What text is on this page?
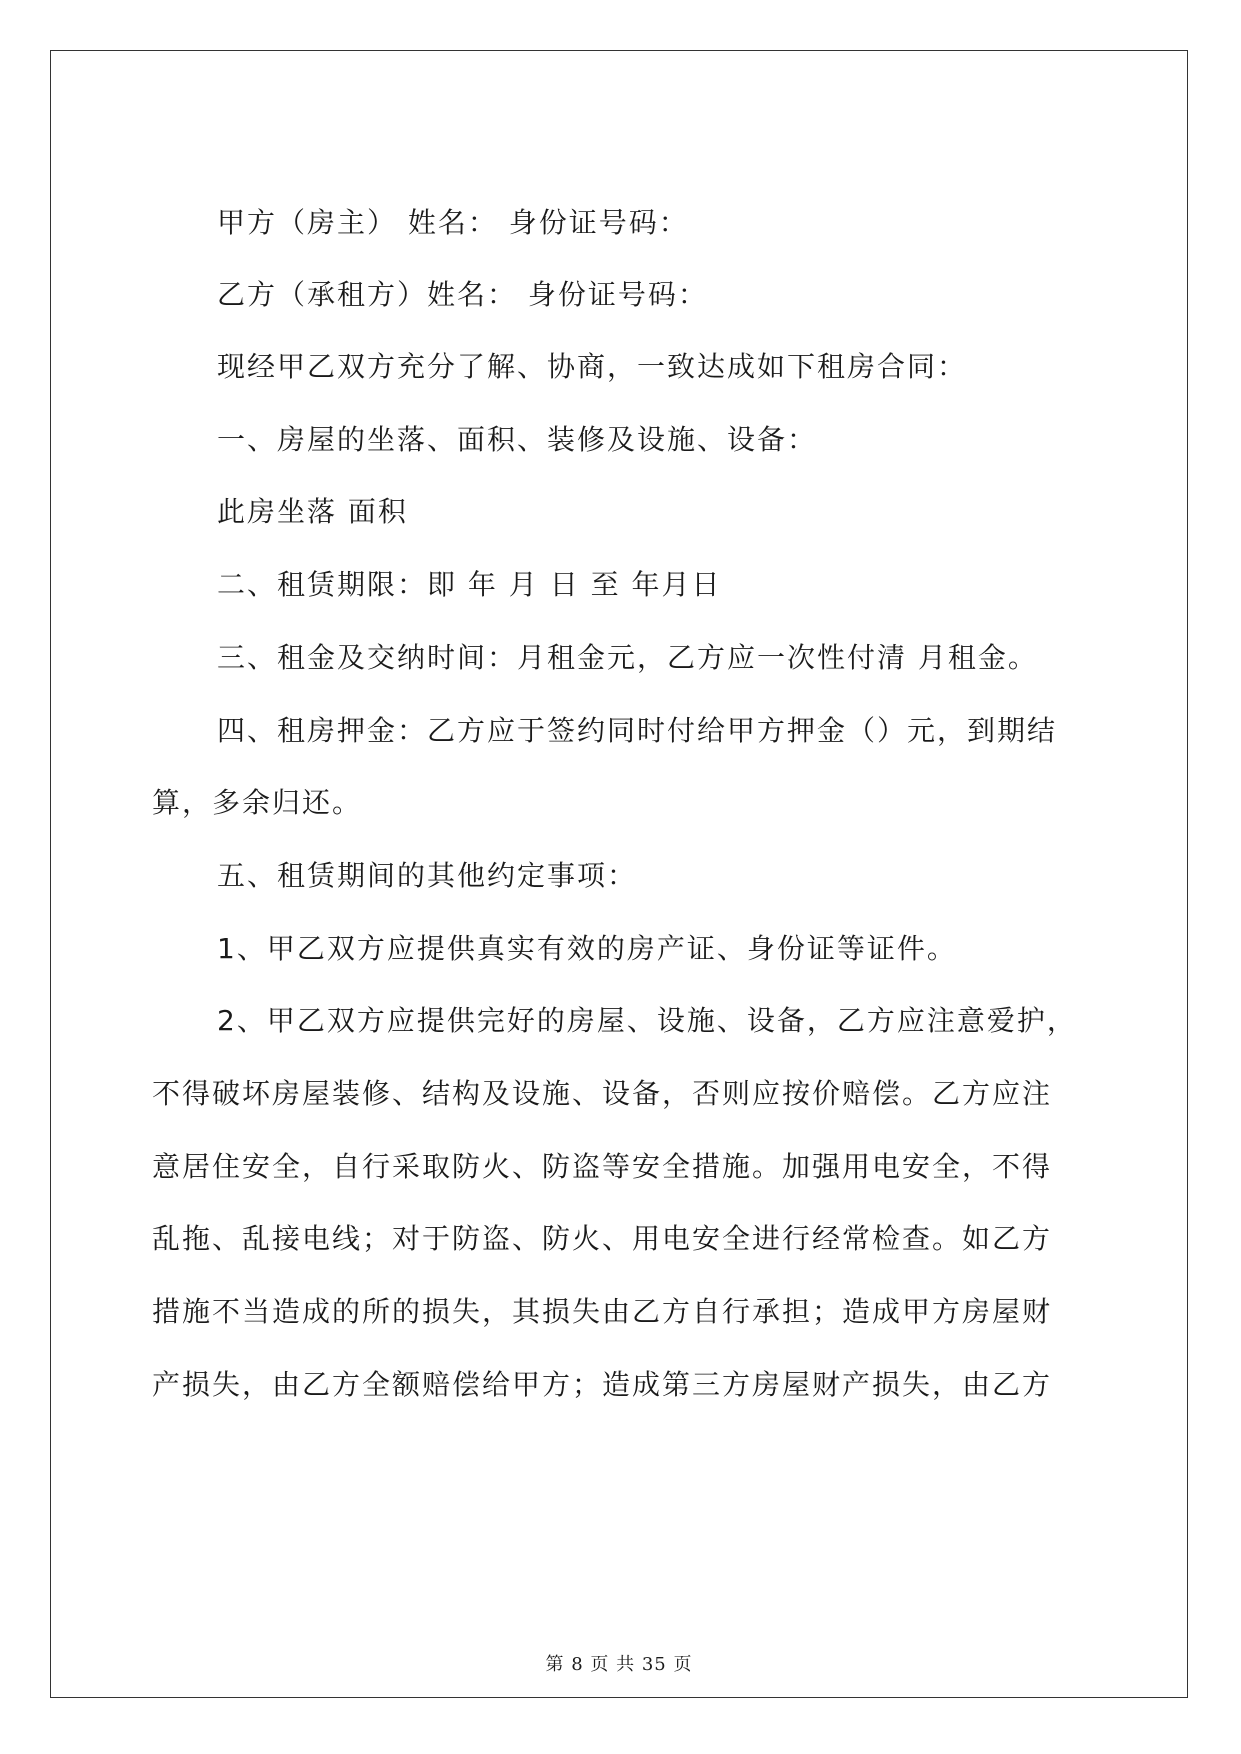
甲方（房主） 姓名： 身份证号码：
乙方（承租方）姓名： 身份证号码：
现经甲乙双方充分了解、协商，一致达成如下租房合同：
一、房屋的坐落、面积、装修及设施、设备：
此房坐落 面积
二、租赁期限：即 年 月 日 至 年月日
三、租金及交纳时间：月租金元，乙方应一次性付清 月租金。
四、租房押金：乙方应于签约同时付给甲方押金（）元，到期结
算，多余归还。
五、租赁期间的其他约定事项：
1、甲乙双方应提供真实有效的房产证、身份证等证件。
2、甲乙双方应提供完好的房屋、设施、设备，乙方应注意爱护，
不得破坏房屋装修、结构及设施、设备，否则应按价赔偿。乙方应注
意居住安全，自行采取防火、防盗等安全措施。加强用电安全，不得
乱拖、乱接电线；对于防盗、防火、用电安全进行经常检查。如乙方
措施不当造成的所的损失，其损失由乙方自行承担；造成甲方房屋财
产损失，由乙方全额赔偿给甲方；造成第三方房屋财产损失，由乙方
第 8 页 共 35 页
